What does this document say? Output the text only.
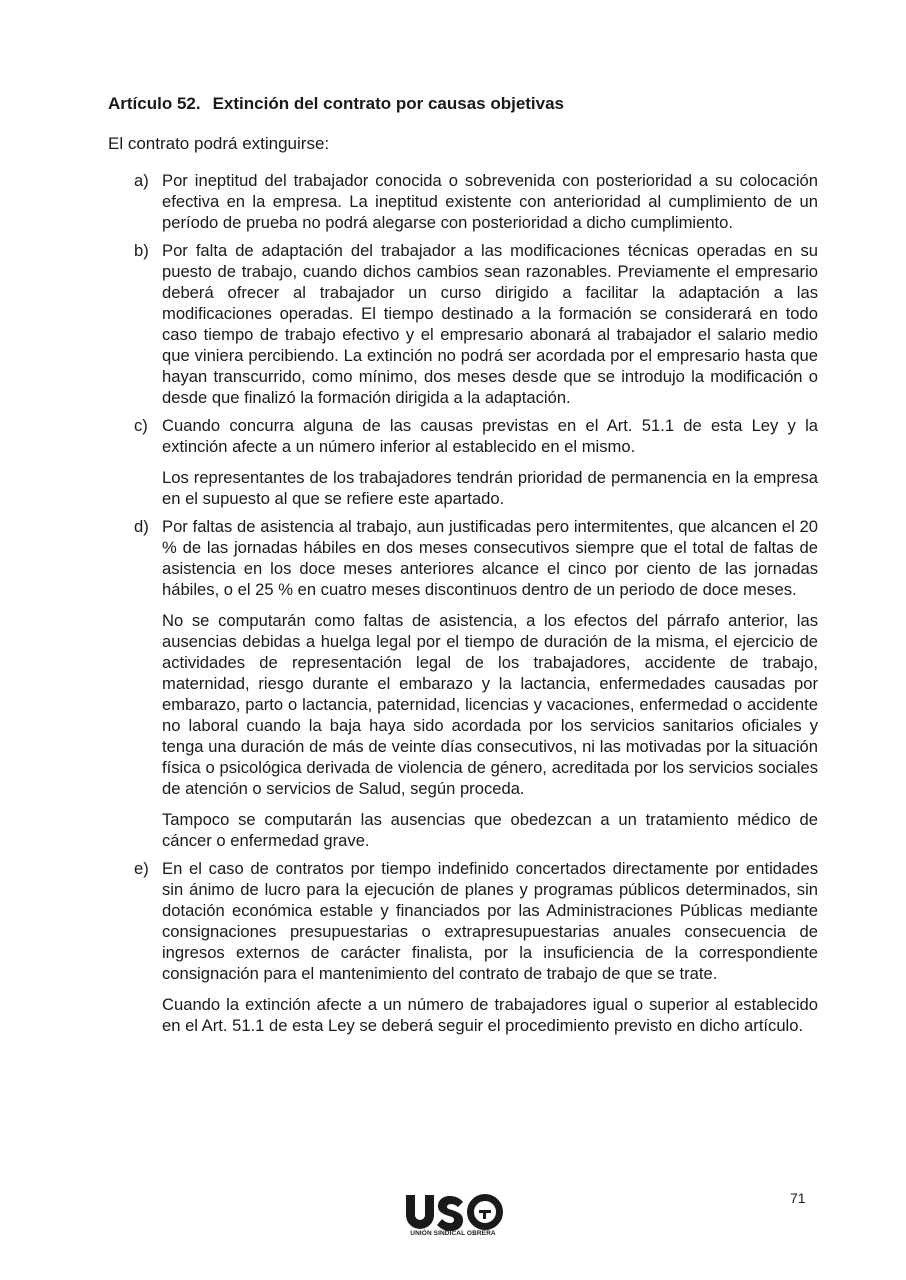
Artículo 52. Extinción del contrato por causas objetivas
El contrato podrá extinguirse:
a) Por ineptitud del trabajador conocida o sobrevenida con posterioridad a su colocación efectiva en la empresa. La ineptitud existente con anterioridad al cumplimiento de un período de prueba no podrá alegarse con posterioridad a dicho cumplimiento.

b) Por falta de adaptación del trabajador a las modificaciones técnicas operadas en su puesto de trabajo, cuando dichos cambios sean razonables. Previamente el empresario deberá ofrecer al trabajador un curso dirigido a facilitar la adaptación a las modificaciones operadas. El tiempo destinado a la formación se considerará en todo caso tiempo de trabajo efectivo y el empresario abonará al trabajador el salario medio que viniera percibiendo. La extinción no podrá ser acordada por el empresario hasta que hayan transcurrido, como mínimo, dos meses desde que se introdujo la modificación o desde que finalizó la formación dirigida a la adaptación.

c) Cuando concurra alguna de las causas previstas en el Art. 51.1 de esta Ley y la extinción afecte a un número inferior al establecido en el mismo.

Los representantes de los trabajadores tendrán prioridad de permanencia en la empresa en el supuesto al que se refiere este apartado.

d) Por faltas de asistencia al trabajo, aun justificadas pero intermitentes, que alcancen el 20 % de las jornadas hábiles en dos meses consecutivos siempre que el total de faltas de asistencia en los doce meses anteriores alcance el cinco por ciento de las jornadas hábiles, o el 25 % en cuatro meses discontinuos dentro de un periodo de doce meses.

No se computarán como faltas de asistencia, a los efectos del párrafo anterior, las ausencias debidas a huelga legal por el tiempo de duración de la misma, el ejercicio de actividades de representación legal de los trabajadores, accidente de trabajo, maternidad, riesgo durante el embarazo y la lactancia, enfermedades causadas por embarazo, parto o lactancia, paternidad, licencias y vacaciones, enfermedad o accidente no laboral cuando la baja haya sido acordada por los servicios sanitarios oficiales y tenga una duración de más de veinte días consecutivos, ni las motivadas por la situación física o psicológica derivada de violencia de género, acreditada por los servicios sociales de atención o servicios de Salud, según proceda.

Tampoco se computarán las ausencias que obedezcan a un tratamiento médico de cáncer o enfermedad grave.

e) En el caso de contratos por tiempo indefinido concertados directamente por entidades sin ánimo de lucro para la ejecución de planes y programas públicos determinados, sin dotación económica estable y financiados por las Administraciones Públicas mediante consignaciones presupuestarias o extrapresupuestarias anuales consecuencia de ingresos externos de carácter finalista, por la insuficiencia de la correspondiente consignación para el mantenimiento del contrato de trabajo de que se trate.

Cuando la extinción afecte a un número de trabajadores igual o superior al establecido en el Art. 51.1 de esta Ley se deberá seguir el procedimiento previsto en dicho artículo.

71
UNIÓN SINDICAL OBRERA
